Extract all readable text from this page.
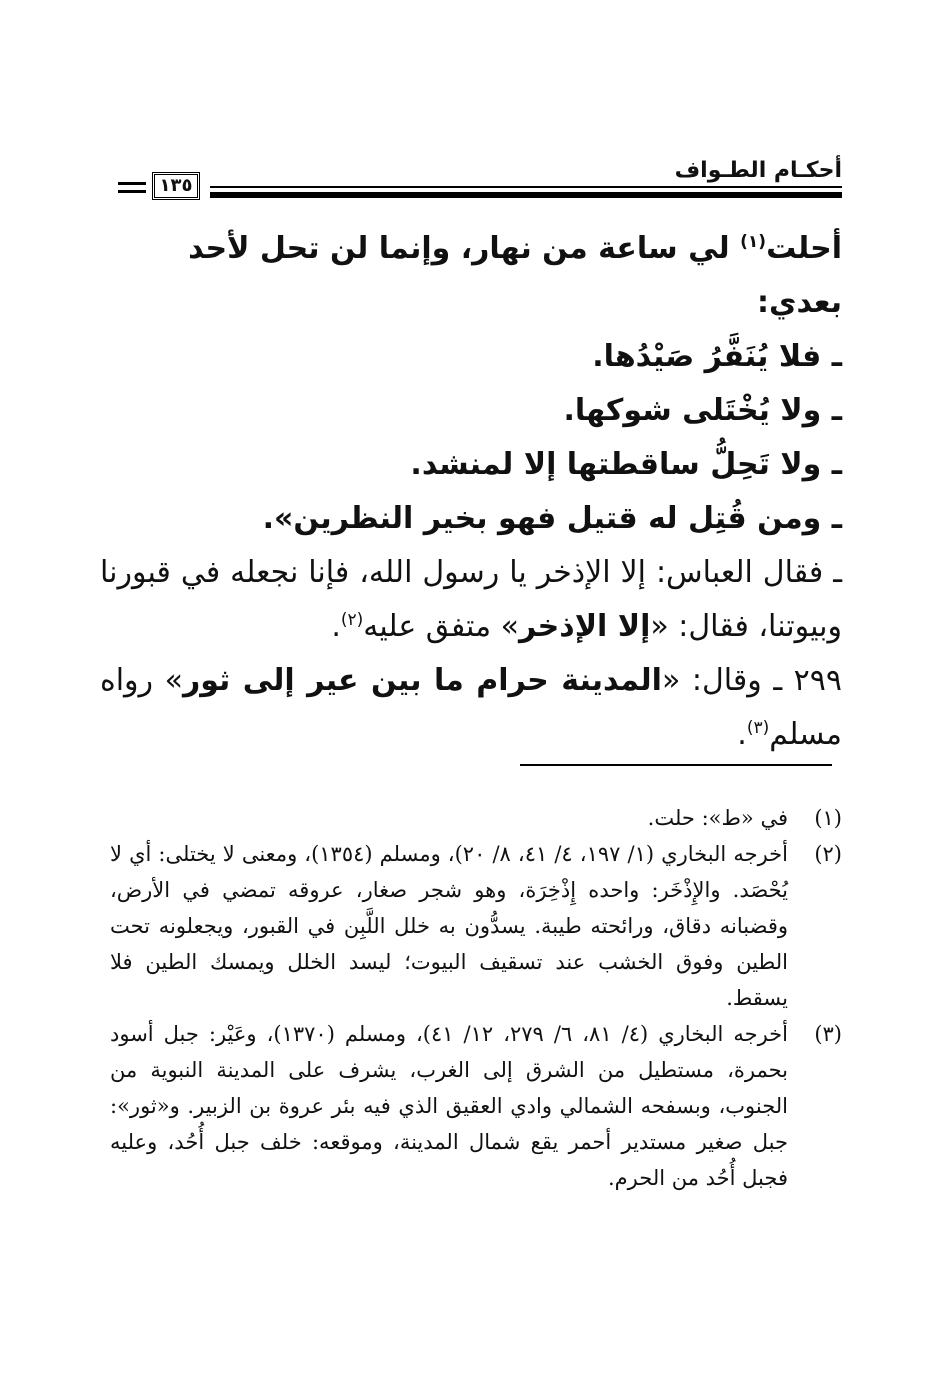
أحكـام الطـواف
١٣٥

أحلت$^{(١)}$ لي ساعة من نهار، وإنما لن تحل لأحد بعدي:

ـ فلا يُنَفَّرُ صَيْدُها.

ـ ولا يُخْتَلى شوكها.

ـ ولا تَحِلُّ ساقطتها إلا لمنشد.

ـ ومن قُتِل له قتيل فهو بخير النظرين».

ـ فقال العباس: إلا الإذخر يا رسول الله، فإنا نجعله في قبورنا وبيوتنا، فقال: «إلا الإذخر» متفق عليه$^{(٢)}$.

٢٩٩ ـ وقال: «المدينة حرام ما بين عير إلى ثور» رواه مسلم$^{(٣)}$.

(١)
في «ط»: حلت.

(٢)
أخرجه البخاري (١/ ١٩٧، ٤/ ٤١، ٨/ ٢٠)، ومسلم (١٣٥٤)، ومعنى لا يختلى: أي لا يُحْصَد. والإِذْخَر: واحده إِذْخِرَة، وهو شجر صغار، عروقه تمضي في الأرض، وقضبانه دقاق، ورائحته طيبة. يسدُّون به خلل اللَّبِن في القبور، ويجعلونه تحت الطين وفوق الخشب عند تسقيف البيوت؛ ليسد الخلل ويمسك الطين فلا يسقط.

(٣)
أخرجه البخاري (٤/ ٨١، ٦/ ٢٧٩، ١٢/ ٤١)، ومسلم (١٣٧٠)، وعَيْر: جبل أسود بحمرة، مستطيل من الشرق إلى الغرب، يشرف على المدينة النبوية من الجنوب، وبسفحه الشمالي وادي العقيق الذي فيه بئر عروة بن الزبير. و«ثور»: جبل صغير مستدير أحمر يقع شمال المدينة، وموقعه: خلف جبل أُحُد، وعليه فجبل أُحُد من الحرم.
